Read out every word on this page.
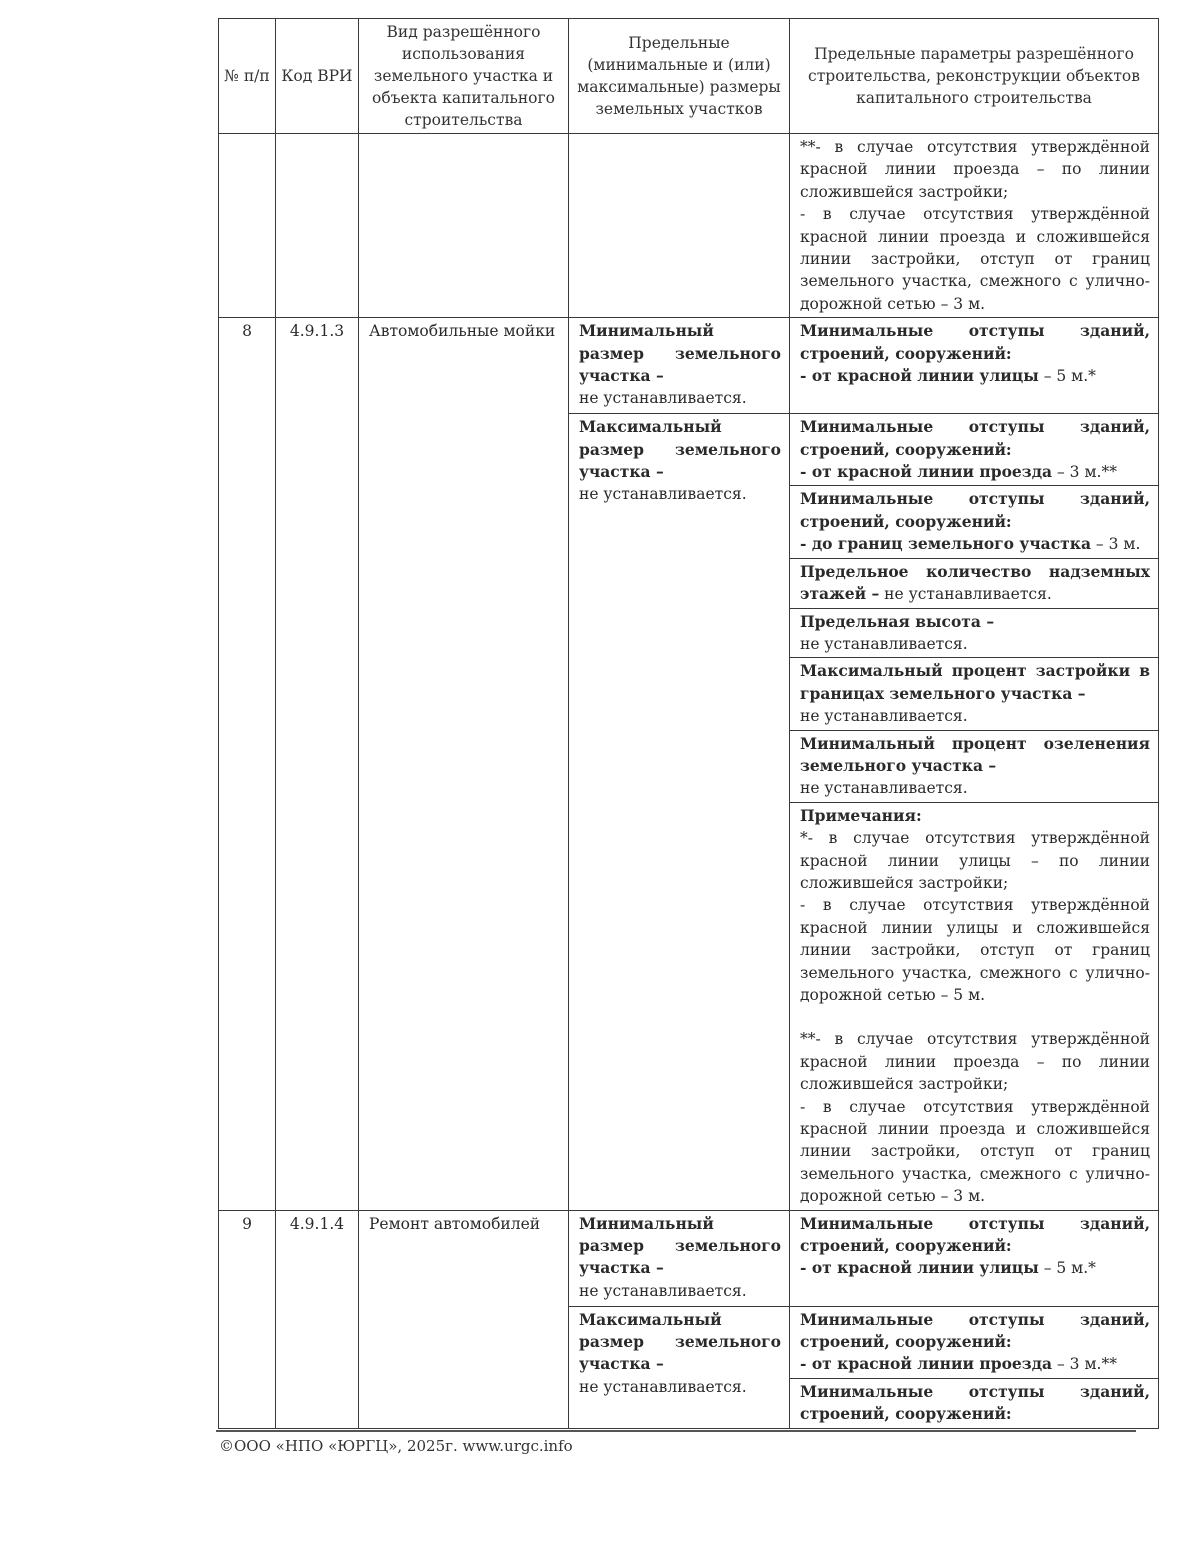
№ п/п	Код ВРИ	Вид разрешённого использования земельного участка и объекта капитального строительства	Предельные (минимальные и (или) максимальные) размеры земельных участков	Предельные параметры разрешённого строительства, реконструкции объектов капитального строительства

				**- в случае отсутствия утверждённой красной линии проезда – по линии сложившейся застройки;
- в случае отсутствия утверждённой красной линии проезда и сложившейся линии застройки, отступ от границ земельного участка, смежного с улично-дорожной сетью – 3 м.

8	4.9.1.3	Автомобильные мойки	Минимальный размер земельного участка –
не устанавливается.	Минимальные отступы зданий, строений, сооружений:
- от красной линии улицы – 5 м.*
			Максимальный размер земельного участка –
не устанавливается.	Минимальные отступы зданий, строений, сооружений:
- от красной линии проезда – 3 м.**
				Минимальные отступы зданий, строений, сооружений:
- до границ земельного участка – 3 м.
				Предельное количество надземных этажей – не устанавливается.
				Предельная высота –
не устанавливается.
				Максимальный процент застройки в границах земельного участка –
не устанавливается.
				Минимальный процент озеленения земельного участка –
не устанавливается.

				Примечания:
*- в случае отсутствия утверждённой красной линии улицы – по линии сложившейся застройки;
- в случае отсутствия утверждённой красной линии улицы и сложившейся линии застройки, отступ от границ земельного участка, смежного с улично-дорожной сетью – 5 м.
**- в случае отсутствия утверждённой красной линии проезда – по линии сложившейся застройки;
- в случае отсутствия утверждённой красной линии проезда и сложившейся линии застройки, отступ от границ земельного участка, смежного с улично-дорожной сетью – 3 м.

9	4.9.1.4	Ремонт автомобилей	Минимальный размер земельного участка –
не устанавливается.	Минимальные отступы зданий, строений, сооружений:
- от красной линии улицы – 5 м.*
			Максимальный размер земельного участка –
не устанавливается.	Минимальные отступы зданий, строений, сооружений:
- от красной линии проезда – 3 м.**
				Минимальные отступы зданий, строений, сооружений:
©ООО «НПО «ЮРГЦ», 2025г. www.urgc.info
